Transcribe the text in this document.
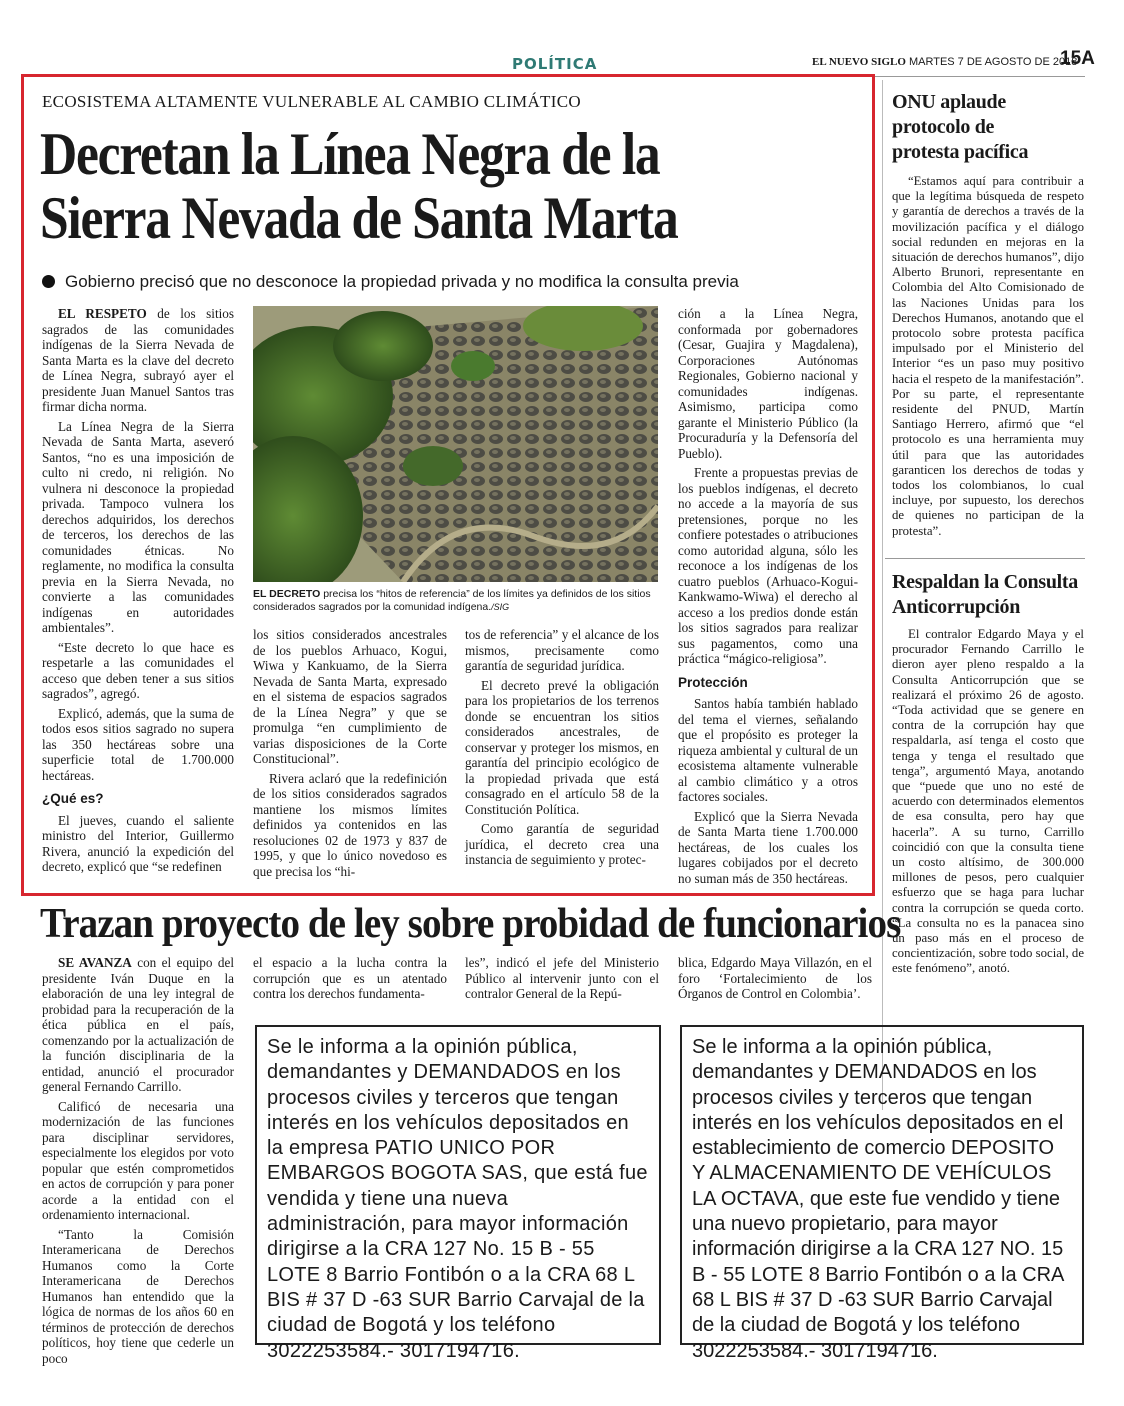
POLÍTICA	EL NUEVO SIGLO MARTES 7 DE AGOSTO DE 2018
15A
ECOSISTEMA ALTAMENTE VULNERABLE AL CAMBIO CLIMÁTICO
Decretan la Línea Negra de la
Sierra Nevada de Santa Marta
Gobierno precisó que no desconoce la propiedad privada y no modifica la consulta previa

EL RESPETO de los sitios sagrados de las comunidades indígenas de la Sierra Nevada de Santa Marta es la clave del decreto de Línea Negra, subrayó ayer el presidente Juan Manuel Santos tras firmar dicha norma.

La Línea Negra de la Sierra Nevada de Santa Marta, aseveró Santos, “no es una imposición de culto ni credo, ni religión. No vulnera ni desconoce la propiedad privada. Tampoco vulnera los derechos adquiridos, los derechos de terceros, los derechos de las comunidades étnicas. No reglamente, no modifica la consulta previa en la Sierra Nevada, no convierte a las comunidades indígenas en autoridades ambientales”.

“Este decreto lo que hace es respetarle a las comunidades el acceso que deben tener a sus sitios sagrados”, agregó.

Explicó, además, que la suma de todos esos sitios sagrado no supera las 350 hectáreas sobre una superficie total de 1.700.000 hectáreas.

¿Qué es?

El jueves, cuando el saliente ministro del Interior, Guillermo Rivera, anunció la expedición del decreto, explicó que “se redefinen

EL DECRETO precisa los “hitos de referencia” de los límites ya definidos de los sitios considerados sagrados por la comunidad indígena./SIG

los sitios considerados ancestrales de los pueblos Arhuaco, Kogui, Wiwa y Kankuamo, de la Sierra Nevada de Santa Marta, expresado en el sistema de espacios sagrados de la Línea Negra” y que se promulga “en cumplimiento de varias disposiciones de la Corte Constitucional”.

Rivera aclaró que la redefinición de los sitios considerados sagrados mantiene los mismos límites definidos ya contenidos en las resoluciones 02 de 1973 y 837 de 1995, y que lo único novedoso es que precisa los “hi-

tos de referencia” y el alcance de los mismos, precisamente como garantía de seguridad jurídica.

El decreto prevé la obligación para los propietarios de los terrenos donde se encuentran los sitios considerados ancestrales, de conservar y proteger los mismos, en garantía del principio ecológico de la propiedad privada que está consagrado en el artículo 58 de la Constitución Política.

Como garantía de seguridad jurídica, el decreto crea una instancia de seguimiento y protec-

ción a la Línea Negra, conformada por gobernadores (Cesar, Guajira y Magdalena), Corporaciones Autónomas Regionales, Gobierno nacional y comunidades indígenas. Asimismo, participa como garante el Ministerio Público (la Procuraduría y la Defensoría del Pueblo).

Frente a propuestas previas de los pueblos indígenas, el decreto no accede a la mayoría de sus pretensiones, porque no les confiere potestades o atribuciones como autoridad alguna, sólo les reconoce a los indígenas de los cuatro pueblos (Arhuaco-Kogui-Kankwamo-Wiwa) el derecho al acceso a los predios donde están los sitios sagrados para realizar sus pagamentos, como una práctica “mágico-religiosa”.

Protección

Santos había también hablado del tema el viernes, señalando que el propósito es proteger la riqueza ambiental y cultural de un ecosistema altamente vulnerable al cambio climático y a otros factores sociales.

Explicó que la Sierra Nevada de Santa Marta tiene 1.700.000 hectáreas, de los cuales los lugares cobijados por el decreto no suman más de 350 hectáreas.

ONU aplaude protocolo de protesta pacífica

“Estamos aquí para contribuir a que la legítima búsqueda de respeto y garantía de derechos a través de la movilización pacífica y el diálogo social redunden en mejoras en la situación de derechos humanos”, dijo Alberto Brunori, representante en Colombia del Alto Comisionado de las Naciones Unidas para los Derechos Humanos, anotando que el protocolo sobre protesta pacífica impulsado por el Ministerio del Interior “es un paso muy positivo hacia el respeto de la manifestación”. Por su parte, el representante residente del PNUD, Martín Santiago Herrero, afirmó que “el protocolo es una herramienta muy útil para que las autoridades garanticen los derechos de todas y todos los colombianos, lo cual incluye, por supuesto, los derechos de quienes no participan de la protesta”.

Respaldan la Consulta Anticorrupción

El contralor Edgardo Maya y el procurador Fernando Carrillo le dieron ayer pleno respaldo a la Consulta Anticorrupción que se realizará el próximo 26 de agosto. “Toda actividad que se genere en contra de la corrupción hay que respaldarla, así tenga el costo que tenga y tenga el resultado que tenga”, argumentó Maya, anotando que “puede que uno no esté de acuerdo con determinados elementos de esa consulta, pero hay que hacerla”. A su turno, Carrillo coincidió con que la consulta tiene un costo altísimo, de 300.000 millones de pesos, pero cualquier esfuerzo que se haga para luchar contra la corrupción se queda corto. “La consulta no es la panacea sino un paso más en el proceso de concientización, sobre todo social, de este fenómeno”, anotó.

Trazan proyecto de ley sobre probidad de funcionarios

SE AVANZA con el equipo del presidente Iván Duque en la elaboración de una ley integral de probidad para la recuperación de la ética pública en el país, comenzando por la actualización de la función disciplinaria de la entidad, anunció el procurador general Fernando Carrillo.

Calificó de necesaria una modernización de las funciones para disciplinar servidores, especialmente los elegidos por voto popular que estén comprometidos en actos de corrupción y para poner acorde a la entidad con el ordenamiento internacional.

“Tanto la Comisión Interamericana de Derechos Humanos como la Corte Interamericana de Derechos Humanos han entendido que la lógica de normas de los años 60 en términos de protección de derechos políticos, hoy tiene que cederle un poco

el espacio a la lucha contra la corrupción que es un atentado contra los derechos fundamenta-

les”, indicó el jefe del Ministerio Público al intervenir junto con el contralor General de la Repú-

blica, Edgardo Maya Villazón, en el foro ‘Fortalecimiento de los Órganos de Control en Colombia’.

Se le informa a la opinión pública, demandantes y DEMANDADOS en los procesos civiles y terceros que tengan interés en los vehículos depositados en la empresa PATIO UNICO POR EMBARGOS BOGOTA SAS, que está fue vendida y tiene una nueva administración, para mayor información dirigirse a la CRA 127 No. 15 B - 55 LOTE 8 Barrio Fontibón o a la CRA 68 L BIS # 37 D -63 SUR Barrio Carvajal de la ciudad de Bogotá y los teléfono 3022253584.- 3017194716.
Se le informa a la opinión pública, demandantes y DEMANDADOS en los procesos civiles y terceros que tengan interés en los vehículos depositados en el establecimiento de comercio DEPOSITO Y ALMACENAMIENTO DE VEHÍCULOS LA OCTAVA, que este fue vendido y tiene una nuevo propietario, para mayor información dirigirse a la CRA 127 NO. 15 B - 55 LOTE 8 Barrio Fontibón o a la CRA 68 L BIS # 37 D -63 SUR Barrio Carvajal de la ciudad de Bogotá y los teléfono 3022253584.- 3017194716.
